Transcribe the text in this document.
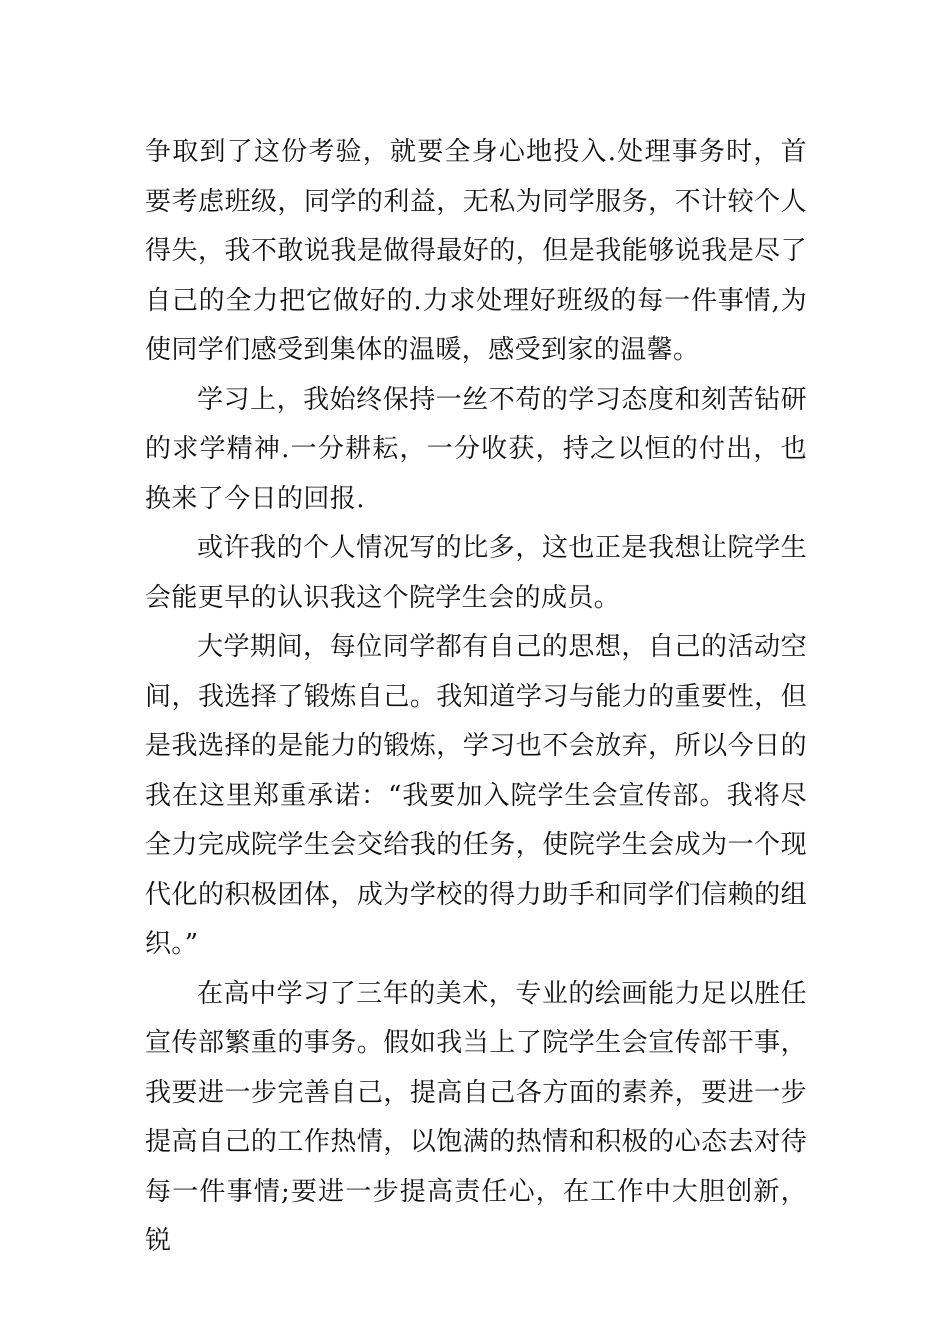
争取到了这份考验，就要全身心地投入.处理事务时，首要考虑班级，同学的利益，无私为同学服务，不计较个人得失，我不敢说我是做得最好的，但是我能够说我是尽了自己的全力把它做好的.力求处理好班级的每一件事情,为使同学们感受到集体的温暖，感受到家的温馨。

学习上，我始终保持一丝不苟的学习态度和刻苦钻研的求学精神.一分耕耘，一分收获，持之以恒的付出，也换来了今日的回报.

或许我的个人情况写的比多，这也正是我想让院学生会能更早的认识我这个院学生会的成员。

大学期间，每位同学都有自己的思想，自己的活动空间，我选择了锻炼自己。我知道学习与能力的重要性，但是我选择的是能力的锻炼，学习也不会放弃，所以今日的我在这里郑重承诺：“我要加入院学生会宣传部。我将尽全力完成院学生会交给我的任务，使院学生会成为一个现代化的积极团体，成为学校的得力助手和同学们信赖的组织。”

在高中学习了三年的美术，专业的绘画能力足以胜任宣传部繁重的事务。假如我当上了院学生会宣传部干事，我要进一步完善自己，提高自己各方面的素养，要进一步提高自己的工作热情，以饱满的热情和积极的心态去对待每一件事情;要进一步提高责任心，在工作中大胆创新，锐
